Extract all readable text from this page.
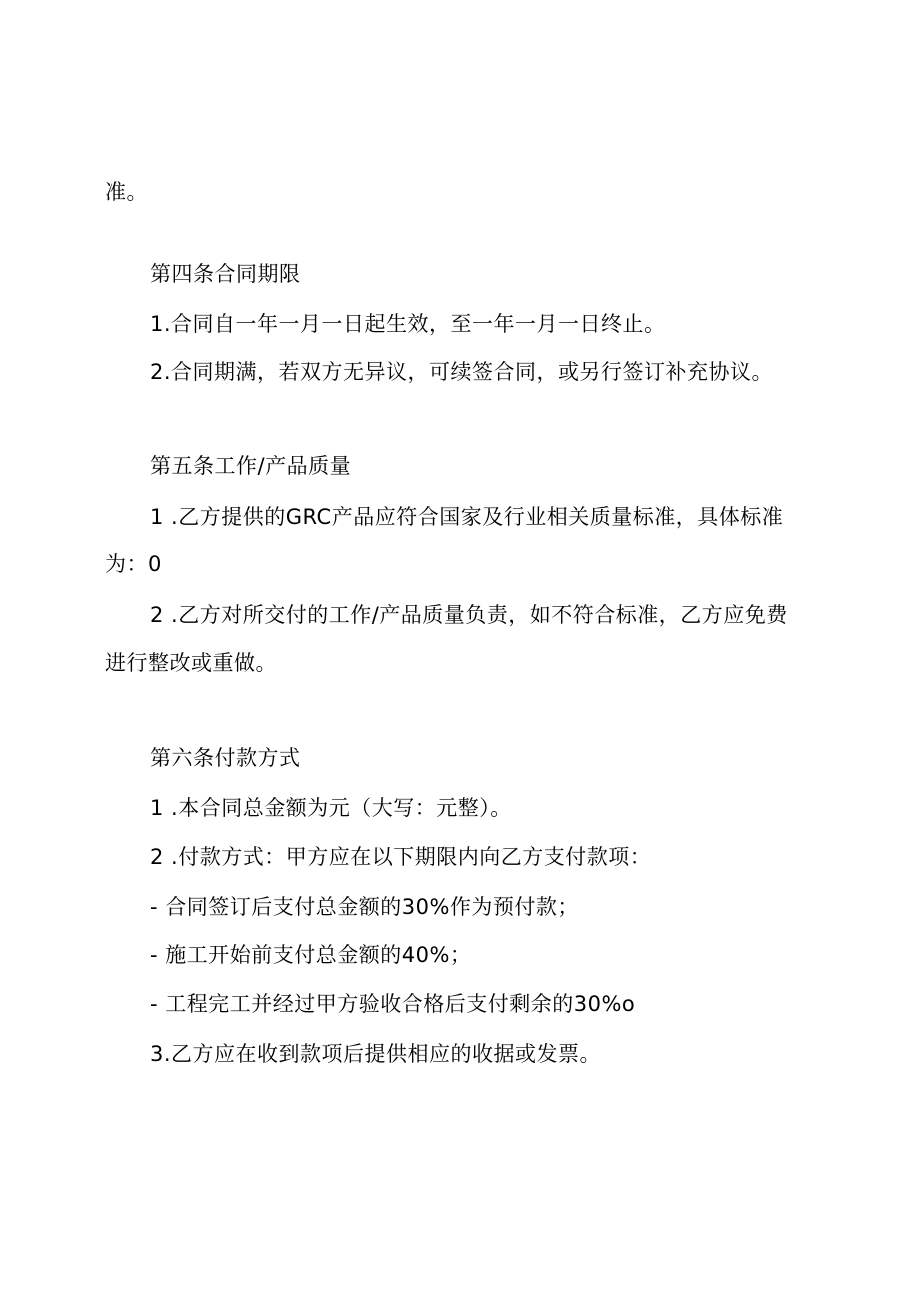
准。
第四条合同期限
1.合同自一年一月一日起生效，至一年一月一日终止。
2.合同期满，若双方无异议，可续签合同，或另行签订补充协议。
第五条工作/产品质量
1 .乙方提供的GRC产品应符合国家及行业相关质量标准，具体标准
为：0
2 .乙方对所交付的工作/产品质量负责，如不符合标准，乙方应免费
进行整改或重做。
第六条付款方式
1 .本合同总金额为元（大写：元整）。
2 .付款方式：甲方应在以下期限内向乙方支付款项：
- 合同签订后支付总金额的30%作为预付款；
- 施工开始前支付总金额的40%；
- 工程完工并经过甲方验收合格后支付剩余的30%o
3.乙方应在收到款项后提供相应的收据或发票。
